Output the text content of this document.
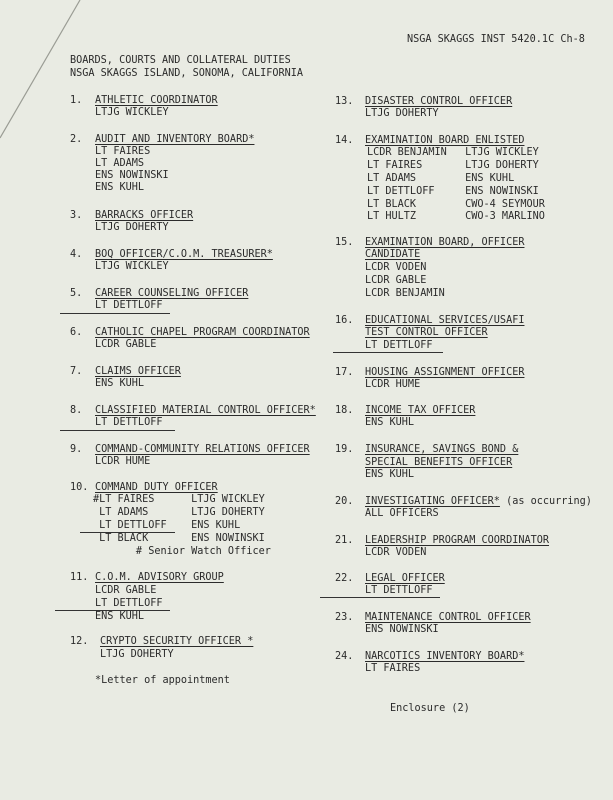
NSGA SKAGGS INST 5420.1C Ch-8
BOARDS, COURTS AND COLLATERAL DUTIES
NSGA SKAGGS ISLAND, SONOMA, CALIFORNIA
1. ATHLETIC COORDINATOR
LTJG WICKLEY
2. AUDIT AND INVENTORY BOARD*
LT FAIRES
LT ADAMS
ENS NOWINSKI
ENS KUHL
3. BARRACKS OFFICER
LTJG DOHERTY
4. BOQ OFFICER/C.O.M. TREASURER*
LTJG WICKLEY
5. CAREER COUNSELING OFFICER
LT DETTLOFF
6. CATHOLIC CHAPEL PROGRAM COORDINATOR
LCDR GABLE
7. CLAIMS OFFICER
ENS KUHL
8. CLASSIFIED MATERIAL CONTROL OFFICER*
LT DETTLOFF
9. COMMAND-COMMUNITY RELATIONS OFFICER
LCDR HUME
10. COMMAND DUTY OFFICER
#LT FAIRES      LTJG WICKLEY
LT ADAMS       LTJG DOHERTY
LT DETTLOFF    ENS KUHL
LT BLACK       ENS NOWINSKI
# Senior Watch Officer
11. C.O.M. ADVISORY GROUP
LCDR GABLE
LT DETTLOFF
ENS KUHL
12. CRYPTO SECURITY OFFICER *
LTJG DOHERTY
*Letter of appointment
13. DISASTER CONTROL OFFICER
LTJG DOHERTY
14. EXAMINATION BOARD ENLISTED
LCDR BENJAMIN   LTJG WICKLEY
LT FAIRES       LTJG DOHERTY
LT ADAMS        ENS KUHL
LT DETTLOFF     ENS NOWINSKI
LT BLACK        CWO-4 SEYMOUR
LT HULTZ        CWO-3 MARLINO
15. EXAMINATION BOARD, OFFICER
CANDIDATE
LCDR VODEN
LCDR GABLE
LCDR BENJAMIN
16. EDUCATIONAL SERVICES/USAFI
TEST CONTROL OFFICER
LT DETTLOFF
17. HOUSING ASSIGNMENT OFFICER
LCDR HUME
18. INCOME TAX OFFICER
ENS KUHL
19. INSURANCE, SAVINGS BOND &
SPECIAL BENEFITS OFFICER
ENS KUHL
20. INVESTIGATING OFFICER* (as occurring)
ALL OFFICERS
21. LEADERSHIP PROGRAM COORDINATOR
LCDR VODEN
22. LEGAL OFFICER
LT DETTLOFF
23. MAINTENANCE CONTROL OFFICER
ENS NOWINSKI
24. NARCOTICS INVENTORY BOARD*
LT FAIRES
Enclosure (2)
